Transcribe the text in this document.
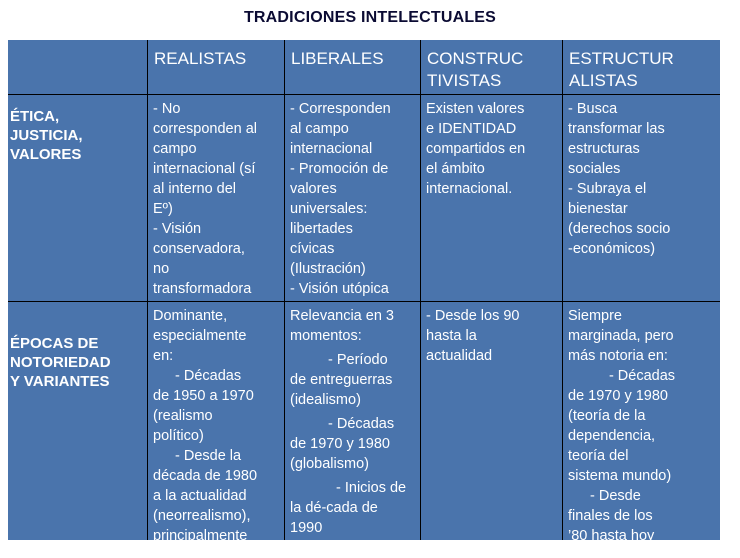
TRADICIONES INTELECTUALES
REALISTAS	LIBERALES	CONSTRUC
TIVISTAS
ESTRUCTUR
ALISTAS
ÉTICA,
JUSTICIA,
VALORES
- No
corresponden al
campo
internacional (sí
al interno del
Eº)
- Visión
conservadora,
no
transformadora
- Corresponden
al campo
internacional
- Promoción de
valores
universales:
libertades
cívicas
(Ilustración)
- Visión utópica
Existen valores
e IDENTIDAD
compartidos en
el ámbito
internacional.
- Busca
transformar las
estructuras
sociales
- Subraya el
bienestar
(derechos socio
-económicos)
ÉPOCAS DE
NOTORIEDAD
Y VARIANTES
Dominante,
especialmente
en:
- Décadas
de 1950 a 1970
(realismo
político)
- Desde la
década de 1980
a la actualidad
(neorrealismo),
principalmente
Relevancia en 3
momentos:
- Período
de entreguerras
(idealismo)
- Décadas
de 1970 y 1980
(globalismo)
- Inicios de
la dé-cada de
1990
(institucionalis
- Desde los 90
hasta la
actualidad
Siempre
marginada, pero
más notoria en:
- Décadas
de 1970 y 1980
(teoría de la
dependencia,
teoría del
sistema mundo)
- Desde
finales de los
’80 hasta hoy
